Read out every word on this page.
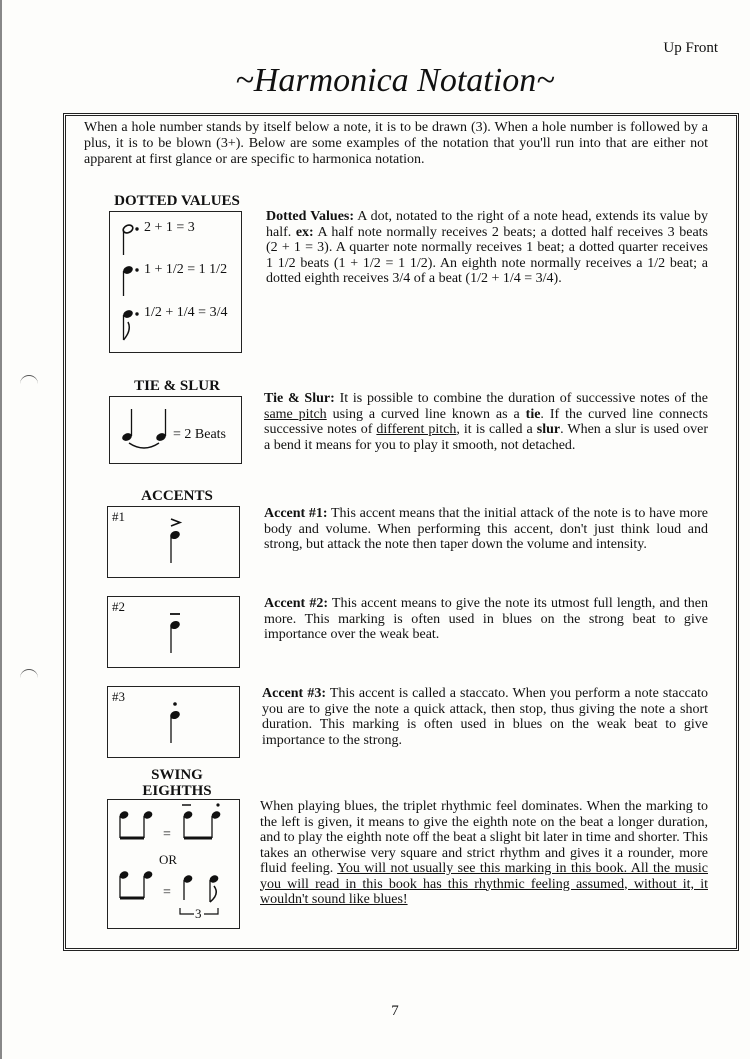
Up Front
~Harmonica Notation~
When a hole number stands by itself below a note, it is to be drawn (3). When a hole number is followed by a plus, it is to be blown (3+). Below are some examples of the notation that you'll run into that are either not apparent at first glance or are specific to harmonica notation.
DOTTED VALUES
2 + 1 = 3
1 + 1/2 = 1 1/2
1/2 + 1/4 = 3/4
Dotted Values: A dot, notated to the right of a note head, extends its value by half. ex: A half note normally receives 2 beats; a dotted half receives 3 beats (2 + 1 = 3). A quarter note normally receives 1 beat; a dotted quarter receives 1 1/2 beats (1 + 1/2 = 1 1/2). An eighth note normally receives a 1/2 beat; a dotted eighth receives 3/4 of a beat (1/2 + 1/4 = 3/4).
TIE & SLUR
= 2 Beats
Tie & Slur: It is possible to combine the duration of successive notes of the same pitch using a curved line known as a tie. If the curved line connects successive notes of different pitch, it is called a slur. When a slur is used over a bend it means for you to play it smooth, not detached.
ACCENTS
#1	Accent #1: This accent means that the initial attack of the note is to have more body and volume. When performing this accent, don't just think loud and strong, but attack the note then taper down the volume and intensity.
#2	Accent #2: This accent means to give the note its utmost full length, and then more. This marking is often used in blues on the strong beat to give importance over the weak beat.
#3	Accent #3: This accent is called a staccato. When you perform a note staccato you are to give the note a quick attack, then stop, thus giving the note a short duration. This marking is often used in blues on the weak beat to give importance to the strong.
SWING
EIGHTHS
=
OR
=
3
When playing blues, the triplet rhythmic feel dominates. When the marking to the left is given, it means to give the eighth note on the beat a longer duration, and to play the eighth note off the beat a slight bit later in time and shorter. This takes an otherwise very square and strict rhythm and gives it a rounder, more fluid feeling. You will not usually see this marking in this book. All the music you will read in this book has this rhythmic feeling assumed, without it, it wouldn't sound like blues!
7
